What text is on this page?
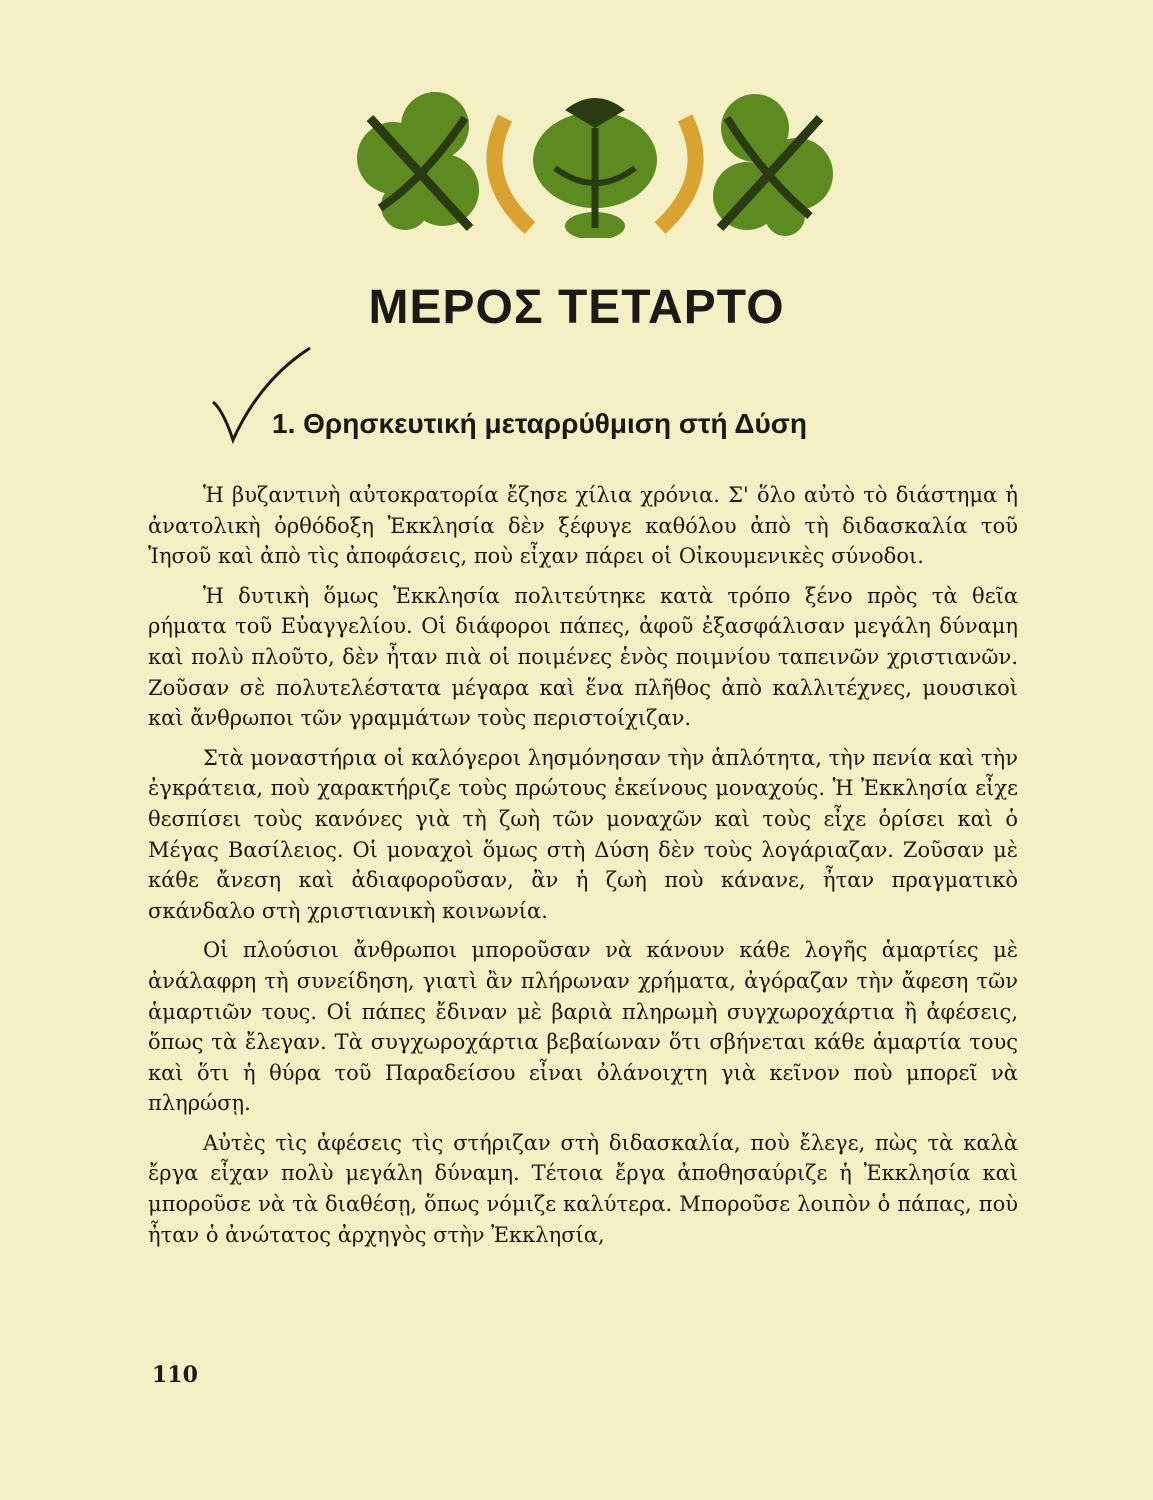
ΜΕΡΟΣ ΤΕΤΑΡΤΟ
1. Θρησκευτική μεταρρύθμιση στή Δύση

Ἡ βυζαντινὴ αὐτοκρατορία ἔζησε χίλια χρόνια. Σ' ὅλο αὐτὸ τὸ διάστημα ἡ ἀνατολικὴ ὀρθόδοξη Ἐκκλησία δὲν ξέφυγε καθόλου ἀπὸ τὴ διδασκαλία τοῦ Ἰησοῦ καὶ ἀπὸ τὶς ἀποφάσεις, ποὺ εἶχαν πάρει οἱ Οἰκουμενικὲς σύνοδοι.

Ἡ δυτικὴ ὅμως Ἐκκλησία πολιτεύτηκε κατὰ τρόπο ξένο πρὸς τὰ θεῖα ρήματα τοῦ Εὐαγγελίου. Οἱ διάφοροι πάπες, ἀφοῦ ἐξασφάλισαν μεγάλη δύναμη καὶ πολὺ πλοῦτο, δὲν ἦταν πιὰ οἱ ποιμένες ἑνὸς ποιμνίου ταπεινῶν χριστιανῶν. Ζοῦσαν σὲ πολυτελέστατα μέγαρα καὶ ἕνα πλῆθος ἀπὸ καλλιτέχνες, μουσικοὶ καὶ ἄνθρωποι τῶν γραμμάτων τοὺς περιστοίχιζαν.

Στὰ μοναστήρια οἱ καλόγεροι λησμόνησαν τὴν ἁπλότητα, τὴν πενία καὶ τὴν ἐγκράτεια, ποὺ χαρακτήριζε τοὺς πρώτους ἐκείνους μοναχούς. Ἡ Ἐκκλησία εἶχε θεσπίσει τοὺς κανόνες γιὰ τὴ ζωὴ τῶν μοναχῶν καὶ τοὺς εἶχε ὁρίσει καὶ ὁ Μέγας Βασίλειος. Οἱ μοναχοὶ ὅμως στὴ Δύση δὲν τοὺς λογάριαζαν. Ζοῦσαν μὲ κάθε ἄνεση καὶ ἀδιαφοροῦσαν, ἂν ἡ ζωὴ ποὺ κάνανε, ἦταν πραγματικὸ σκάνδαλο στὴ χριστιανικὴ κοινωνία.

Οἱ πλούσιοι ἄνθρωποι μποροῦσαν νὰ κάνουν κάθε λογῆς ἁμαρτίες μὲ ἀνάλαφρη τὴ συνείδηση, γιατὶ ἂν πλήρωναν χρήματα, ἀγόραζαν τὴν ἄφεση τῶν ἁμαρτιῶν τους. Οἱ πάπες ἔδιναν μὲ βαριὰ πληρωμὴ συγχωροχάρτια ἢ ἀφέσεις, ὅπως τὰ ἔλεγαν. Τὰ συγχωροχάρτια βεβαίωναν ὅτι σβήνεται κάθε ἁμαρτία τους καὶ ὅτι ἡ θύρα τοῦ Παραδείσου εἶναι ὀλάνοιχτη γιὰ κεῖνον ποὺ μπορεῖ νὰ πληρώσῃ.

Αὐτὲς τὶς ἀφέσεις τὶς στήριζαν στὴ διδασκαλία, ποὺ ἔλεγε, πὼς τὰ καλὰ ἔργα εἶχαν πολὺ μεγάλη δύναμη. Τέτοια ἔργα ἀποθησαύριζε ἡ Ἐκκλησία καὶ μποροῦσε νὰ τὰ διαθέσῃ, ὅπως νόμιζε καλύτερα. Μποροῦσε λοιπὸν ὁ πάπας, ποὺ ἦταν ὁ ἀνώτατος ἀρχηγὸς στὴν Ἐκκλησία,

110
